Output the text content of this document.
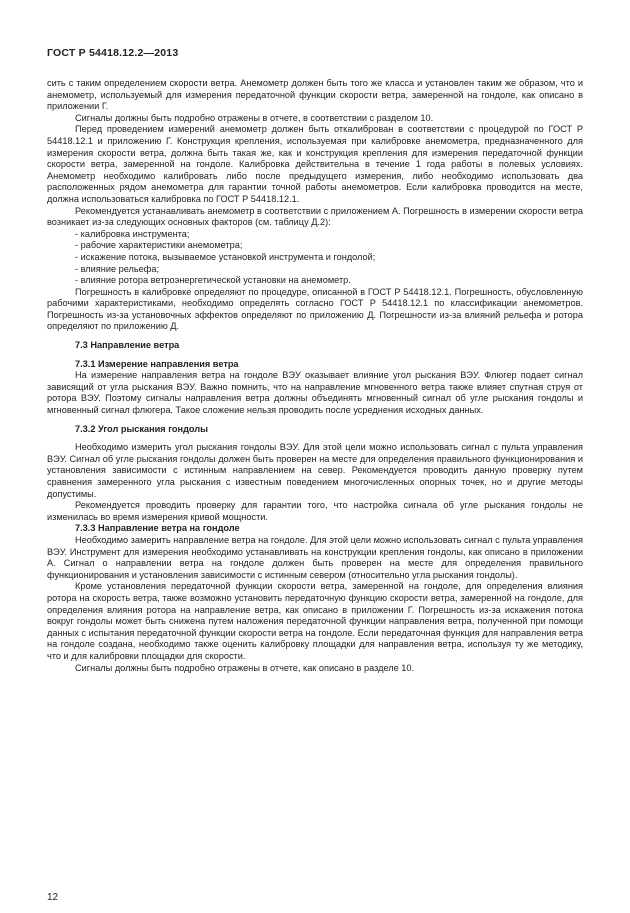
ГОСТ Р 54418.12.2—2013

сить с таким определением скорости ветра. Анемометр должен быть того же класса и установлен таким же образом, что и анемометр, используемый для измерения передаточной функции скорости ветра, замеренной на гондоле, как описано в приложении Г.

Сигналы должны быть подробно отражены в отчете, в соответствии с разделом 10.

Перед проведением измерений анемометр должен быть откалиброван в соответствии с процедурой по ГОСТ Р 54418.12.1 и приложению Г. Конструкция крепления, используемая при калибровке анемометра, предназначенного для измерения скорости ветра, должна быть такая же, как и конструкция крепления для измерения передаточной функции скорости ветра, замеренной на гондоле. Калибровка действительна в течение 1 года работы в полевых условиях. Анемометр необходимо калибровать либо после предыдущего измерения, либо необходимо использовать два расположенных рядом анемометра для гарантии точной работы анемометров. Если калибровка проводится на месте, должна использоваться калибровка по ГОСТ Р 54418.12.1.

Рекомендуется устанавливать анемометр в соответствии с приложением А. Погрешность в измерении скорости ветра возникает из-за следующих основных факторов (см. таблицу Д.2):

- калибровка инструмента;

- рабочие характеристики анемометра;

- искажение потока, вызываемое установкой инструмента и гондолой;

- влияние рельефа;

- влияние ротора ветроэнергетической установки на анемометр.

Погрешность в калибровке определяют по процедуре, описанной в ГОСТ Р 54418.12.1. Погрешность, обусловленную рабочими характеристиками, необходимо определять согласно ГОСТ Р 54418.12.1 по классификации анемометров. Погрешность из-за установочных эффектов определяют по приложению Д. Погрешности из-за влияний рельефа и ротора определяют по приложению Д.

7.3 Направление ветра

7.3.1 Измерение направления ветра

На измерение направления ветра на гондоле ВЭУ оказывает влияние угол рыскания ВЭУ. Флюгер подает сигнал зависящий от угла рыскания ВЭУ. Важно помнить, что на направление мгновенного ветра также влияет спутная струя от ротора ВЭУ. Поэтому сигналы направления ветра должны объединять мгновенный сигнал об угле рыскания гондолы и мгновенный сигнал флюгера. Такое сложение нельзя проводить после усреднения исходных данных.

7.3.2 Угол рыскания гондолы

Необходимо измерить угол рыскания гондолы ВЭУ. Для этой цели можно использовать сигнал с пульта управления ВЭУ. Сигнал об угле рыскания гондолы должен быть проверен на месте для определения правильного функционирования и установления зависимости с истинным направлением на север. Рекомендуется проводить данную проверку путем сравнения замеренного угла рыскания с известным поведением многочисленных опорных точек, но и другие методы допустимы.

Рекомендуется проводить проверку для гарантии того, что настройка сигнала об угле рыскания гондолы не изменилась во время измерения кривой мощности.

7.3.3 Направление ветра на гондоле

Необходимо замерить направление ветра на гондоле. Для этой цели можно использовать сигнал с пульта управления ВЭУ. Инструмент для измерения необходимо устанавливать на конструкции крепления гондолы, как описано в приложении А. Сигнал о направлении ветра на гондоле должен быть проверен на месте для определения правильного функционирования и установления зависимости с истинным севером (относительно угла рыскания гондолы).

Кроме установления передаточной функции скорости ветра, замеренной на гондоле, для определения влияния ротора на скорость ветра, также возможно установить передаточную функцию скорости ветра, замеренной на гондоле, для определения влияния ротора на направление ветра, как описано в приложении Г. Погрешность из-за искажения потока вокруг гондолы может быть снижена путем наложения передаточной функции направления ветра, полученной при помощи данных с испытания передаточной функции скорости ветра на гондоле. Если передаточная функция для направления ветра на гондоле создана, необходимо также оценить калибровку площадки для направления ветра, используя ту же методику, что и для калибровки площадки для скорости.

Сигналы должны быть подробно отражены в отчете, как описано в разделе 10.

12
